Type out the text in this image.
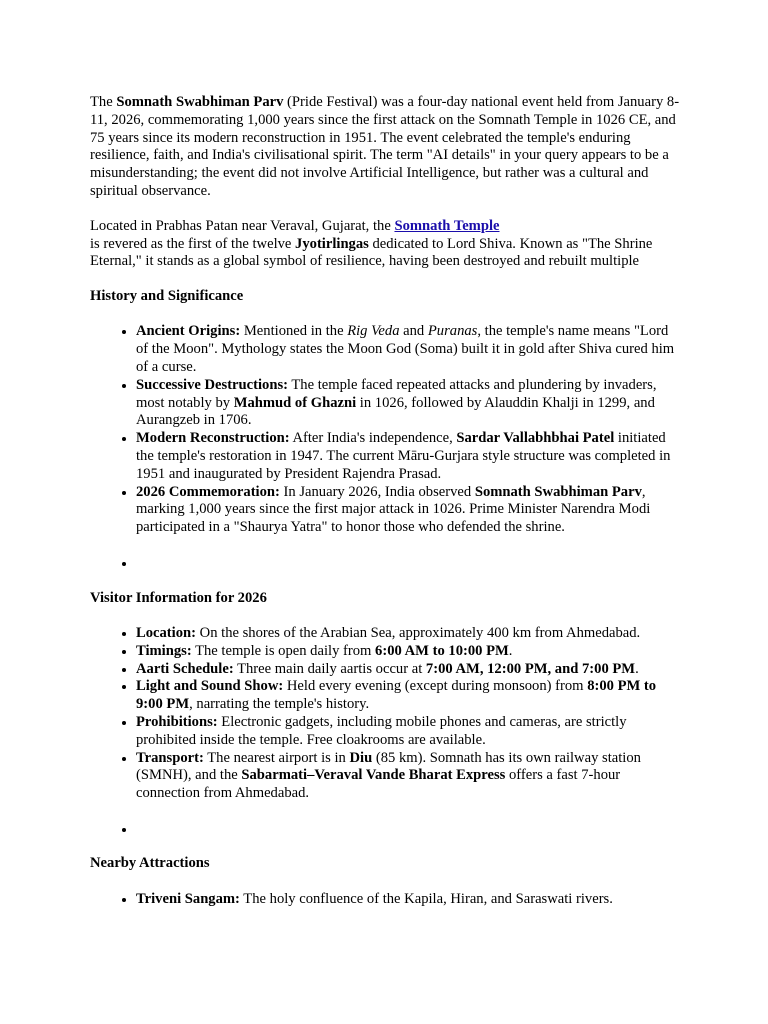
The Somnath Swabhiman Parv (Pride Festival) was a four-day national event held from January 8-11, 2026, commemorating 1,000 years since the first attack on the Somnath Temple in 1026 CE, and 75 years since its modern reconstruction in 1951. The event celebrated the temple's enduring resilience, faith, and India's civilisational spirit. The term "AI details" in your query appears to be a misunderstanding; the event did not involve Artificial Intelligence, but rather was a cultural and spiritual observance.

Located in Prabhas Patan near Veraval, Gujarat, the Somnath Temple
is revered as the first of the twelve Jyotirlingas dedicated to Lord Shiva. Known as "The Shrine Eternal," it stands as a global symbol of resilience, having been destroyed and rebuilt multiple

History and Significance

• Ancient Origins: Mentioned in the Rig Veda and Puranas, the temple's name means "Lord of the Moon". Mythology states the Moon God (Soma) built it in gold after Shiva cured him of a curse.
• Successive Destructions: The temple faced repeated attacks and plundering by invaders, most notably by Mahmud of Ghazni in 1026, followed by Alauddin Khalji in 1299, and Aurangzeb in 1706.
• Modern Reconstruction: After India's independence, Sardar Vallabhbhai Patel initiated the temple's restoration in 1947. The current Māru-Gurjara style structure was completed in 1951 and inaugurated by President Rajendra Prasad.
• 2026 Commemoration: In January 2026, India observed Somnath Swabhiman Parv, marking 1,000 years since the first major attack in 1026. Prime Minister Narendra Modi participated in a "Shaurya Yatra" to honor those who defended the shrine.
•

Visitor Information for 2026

• Location: On the shores of the Arabian Sea, approximately 400 km from Ahmedabad.
• Timings: The temple is open daily from 6:00 AM to 10:00 PM.
• Aarti Schedule: Three main daily aartis occur at 7:00 AM, 12:00 PM, and 7:00 PM.
• Light and Sound Show: Held every evening (except during monsoon) from 8:00 PM to 9:00 PM, narrating the temple's history.
• Prohibitions: Electronic gadgets, including mobile phones and cameras, are strictly prohibited inside the temple. Free cloakrooms are available.
• Transport: The nearest airport is in Diu (85 km). Somnath has its own railway station (SMNH), and the Sabarmati–Veraval Vande Bharat Express offers a fast 7-hour connection from Ahmedabad.
•

Nearby Attractions

• Triveni Sangam: The holy confluence of the Kapila, Hiran, and Saraswati rivers.
